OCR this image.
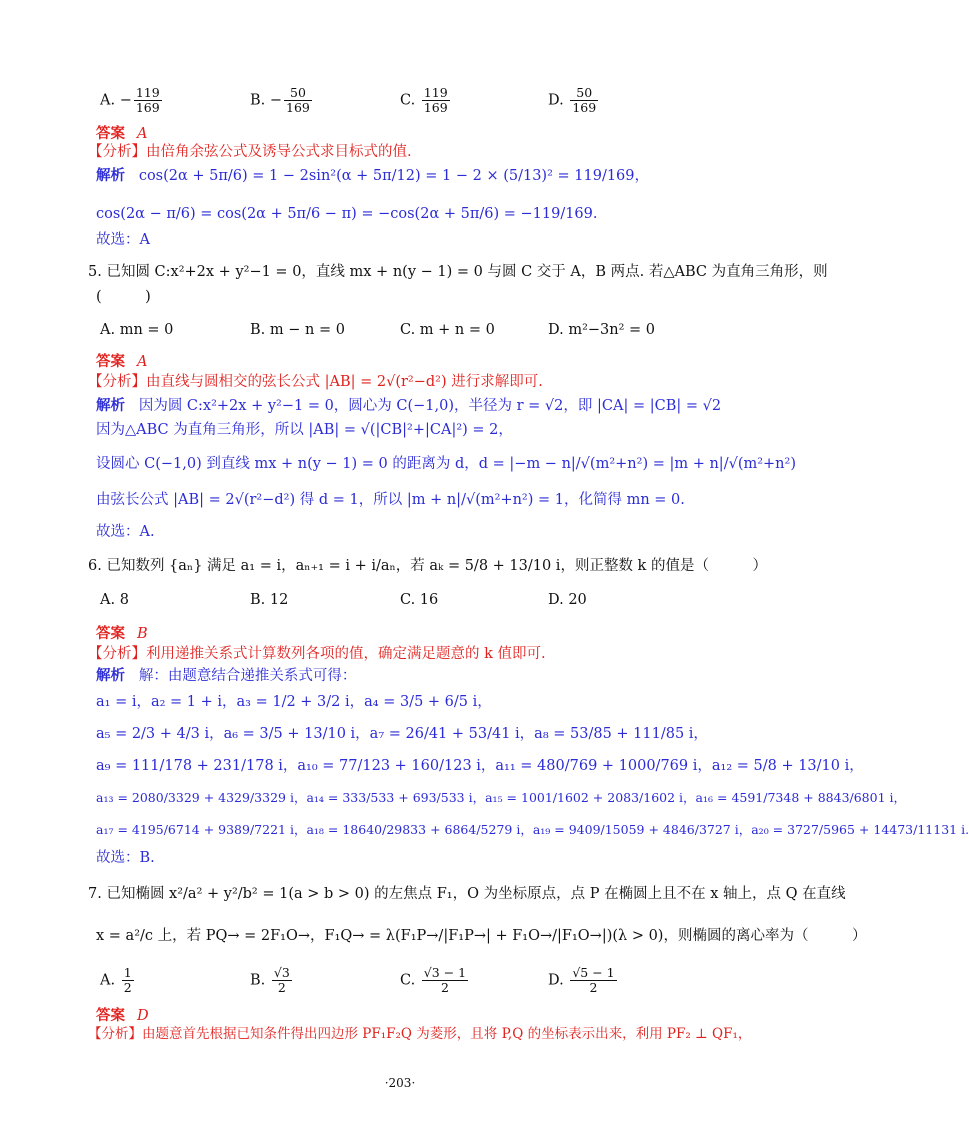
A. − $\frac{119}{169}$	B. − $\frac{50}{169}$	C. $\frac{119}{169}$	D. $\frac{50}{169}$
答案 A
【分析】由倍角余弦公式及诱导公式求目标式的值.
解析 cos(2α + 5π/6) = 1 − 2sin²(α + 5π/12) = 1 − 2 × (5/13)² = 119/169，
cos(2α − π/6) = cos(2α + 5π/6 − π) = −cos(2α + 5π/6) = −119/169.
故选：A
5. 已知圆 C:x²+2x + y²−1 = 0，直线 mx + n(y − 1) = 0 与圆 C 交于 A，B 两点. 若△ABC 为直角三角形，则
(　　　)
A. mn = 0	B. m − n = 0	C. m + n = 0	D. m²−3n² = 0
答案 A
【分析】由直线与圆相交的弦长公式 |AB| = 2√(r²−d²) 进行求解即可.
解析 因为圆 C:x²+2x + y²−1 = 0，圆心为 C(−1,0)，半径为 r = √2，即 |CA| = |CB| = √2
因为△ABC 为直角三角形，所以 |AB| = √(|CB|²+|CA|²) = 2，
设圆心 C(−1,0) 到直线 mx + n(y − 1) = 0 的距离为 d，d = |−m − n|/√(m²+n²) = |m + n|/√(m²+n²)
由弦长公式 |AB| = 2√(r²−d²) 得 d = 1，所以 |m + n|/√(m²+n²) = 1，化简得 mn = 0.
故选：A.
6. 已知数列 {aₙ} 满足 a₁ = i，aₙ₊₁ = i + i/aₙ，若 aₖ = 5/8 + 13/10 i，则正整数 k 的值是（　　　）
A. 8	B. 12	C. 16	D. 20
答案 B
【分析】利用递推关系式计算数列各项的值，确定满足题意的 k 值即可.
解析 解：由题意结合递推关系式可得：
a₁ = i，a₂ = 1 + i，a₃ = 1/2 + 3/2 i，a₄ = 3/5 + 6/5 i，
a₅ = 2/3 + 4/3 i，a₆ = 3/5 + 13/10 i，a₇ = 26/41 + 53/41 i，a₈ = 53/85 + 111/85 i，
a₉ = 111/178 + 231/178 i，a₁₀ = 77/123 + 160/123 i，a₁₁ = 480/769 + 1000/769 i，a₁₂ = 5/8 + 13/10 i，
a₁₃ = 2080/3329 + 4329/3329 i，a₁₄ = 333/533 + 693/533 i，a₁₅ = 1001/1602 + 2083/1602 i，a₁₆ = 4591/7348 + 8843/6801 i，
a₁₇ = 4195/6714 + 9389/7221 i，a₁₈ = 18640/29833 + 6864/5279 i，a₁₉ = 9409/15059 + 4846/3727 i，a₂₀ = 3727/5965 + 14473/11131 i.
故选：B.
7. 已知椭圆 x²/a² + y²/b² = 1(a > b > 0) 的左焦点 F₁，O 为坐标原点，点 P 在椭圆上且不在 x 轴上，点 Q 在直线
x = a²/c 上，若 PQ→ = 2F₁O→，F₁Q→ = λ(F₁P→/|F₁P→| + F₁O→/|F₁O→|)(λ > 0)，则椭圆的离心率为（　　　）
A. $\frac{1}{2}$	B. $\frac{√3}{2}$	C. $\frac{√3 - 1}{2}$	D. $\frac{√5 - 1}{2}$
答案 D
【分析】由题意首先根据已知条件得出四边形 PF₁F₂Q 为菱形，且将 P,Q 的坐标表示出来，利用 PF₂ ⊥ QF₁，
·203·
